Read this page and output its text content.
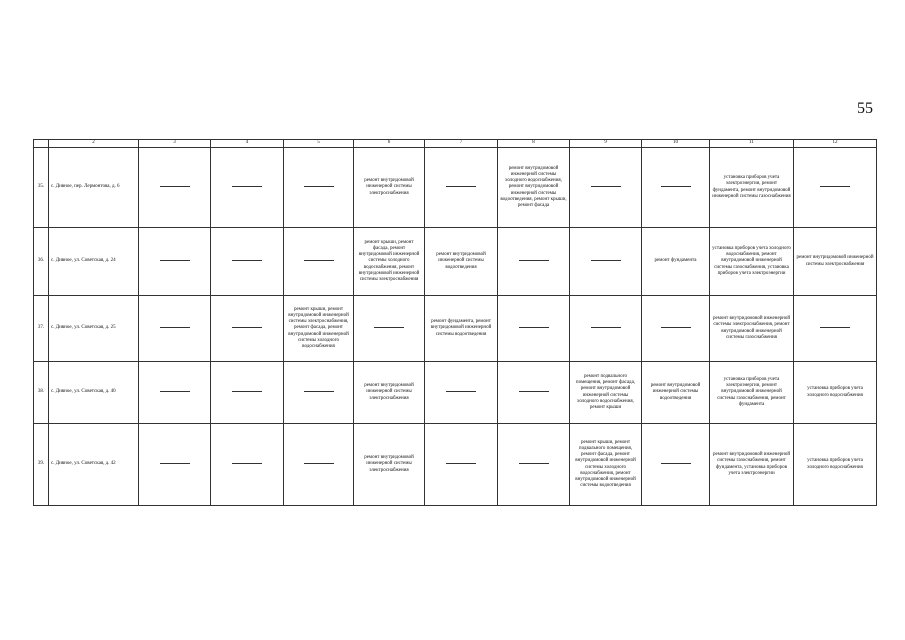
55
	2	3	4	5	6	7	8	9	10	11	12
35.	с. Дивное, пер. Лермонтова, д. 6				ремонт внутридомовой инженерной системы электроснабжения		ремонт внутридомовой инженерной системы холодного водоснабжения, ремонт внутридомовой инженерной системы водоотведения, ремонт крыши, ремонт фасада			установка приборов учета электроэнергии, ремонт фундамента, ремонт внутридомовой инженерной системы газоснабжения	
36.	с. Дивное, ул. Советская, д. 24				ремонт крыши, ремонт фасада, ремонт внутридомовой инженерной системы холодного водоснабжения, ремонт внутридомовой инженерной системы электроснабжения	ремонт внутридомовой инженерной системы водоотведения			ремонт фундамента	установка приборов учета холодного водоснабжения, ремонт внутридомовой инженерной системы газоснабжения, установка приборов учета электроэнергии	ремонт внутридомовой инженерной системы электроснабжения
37.	с. Дивное, ул. Советская, д. 25			ремонт крыши, ремонт внутридомовой инженерной системы электроснабжения, ремонт фасада, ремонт внутридомовой инженерной системы холодного водоснабжения		ремонт фундамента, ремонт внутридомовой инженерной системы водоотведения				ремонт внутридомовой инженерной системы электроснабжения, ремонт внутридомовой инженерной системы газоснабжения	
38.	с. Дивное, ул. Советская, д. 40				ремонт внутридомовой инженерной системы электроснабжения			ремонт подвального помещения, ремонт фасада, ремонт внутридомовой инженерной системы холодного водоснабжения, ремонт крыши	ремонт внутридомовой инженерной системы водоотведения	установка приборов учета электроэнергии, ремонт внутридомовой инженерной системы газоснабжения, ремонт фундамента	установка приборов учета холодного водоснабжения
39.	с. Дивное, ул. Советская, д. 42				ремонт внутридомовой инженерной системы электроснабжения			ремонт крыши, ремонт подвального помещения, ремонт фасада, ремонт внутридомовой инженерной системы холодного водоснабжения, ремонт внутридомовой инженерной системы водоотведения		ремонт внутридомовой инженерной системы газоснабжения, ремонт фундамента, установка приборов учета электроэнергии	установка приборов учета холодного водоснабжения
